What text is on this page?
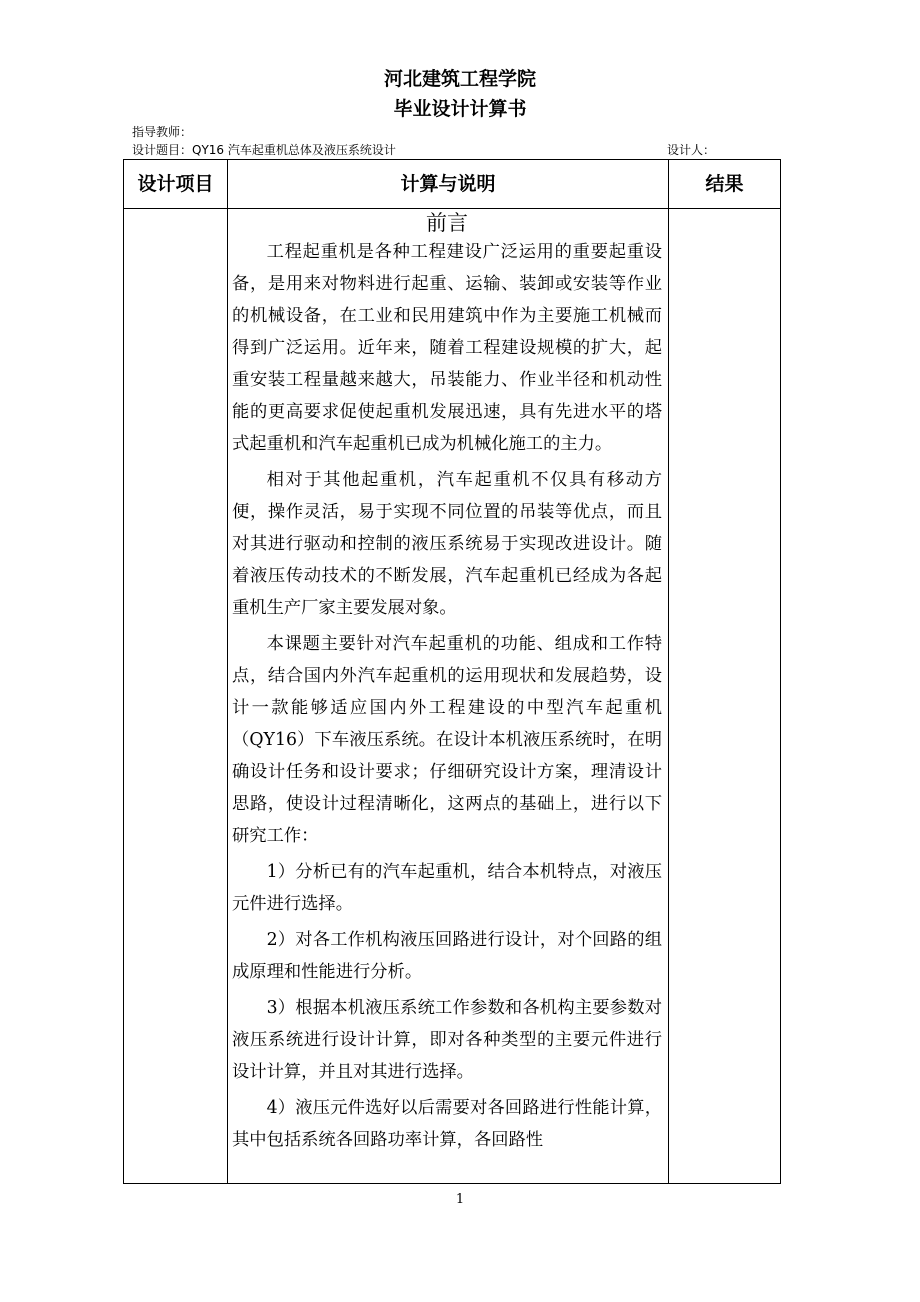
河北建筑工程学院
毕业设计计算书
指导教师：
设计题目：QY16 汽车起重机总体及液压系统设计	设计人：
设计项目	计算与说明	结果
前言

工程起重机是各种工程建设广泛运用的重要起重设备，是用来对物料进行起重、运输、装卸或安装等作业的机械设备，在工业和民用建筑中作为主要施工机械而得到广泛运用。近年来，随着工程建设规模的扩大，起重安装工程量越来越大，吊装能力、作业半径和机动性能的更高要求促使起重机发展迅速，具有先进水平的塔式起重机和汽车起重机已成为机械化施工的主力。

相对于其他起重机，汽车起重机不仅具有移动方便，操作灵活，易于实现不同位置的吊装等优点，而且对其进行驱动和控制的液压系统易于实现改进设计。随着液压传动技术的不断发展，汽车起重机已经成为各起重机生产厂家主要发展对象。

本课题主要针对汽车起重机的功能、组成和工作特点，结合国内外汽车起重机的运用现状和发展趋势，设计一款能够适应国内外工程建设的中型汽车起重机（QY16）下车液压系统。在设计本机液压系统时，在明确设计任务和设计要求；仔细研究设计方案，理清设计思路，使设计过程清晰化，这两点的基础上，进行以下研究工作：

1）分析已有的汽车起重机，结合本机特点，对液压元件进行选择。

2）对各工作机构液压回路进行设计，对个回路的组成原理和性能进行分析。

3）根据本机液压系统工作参数和各机构主要参数对液压系统进行设计计算，即对各种类型的主要元件进行设计计算，并且对其进行选择。

4）液压元件选好以后需要对各回路进行性能计算，其中包括系统各回路功率计算，各回路性

1
